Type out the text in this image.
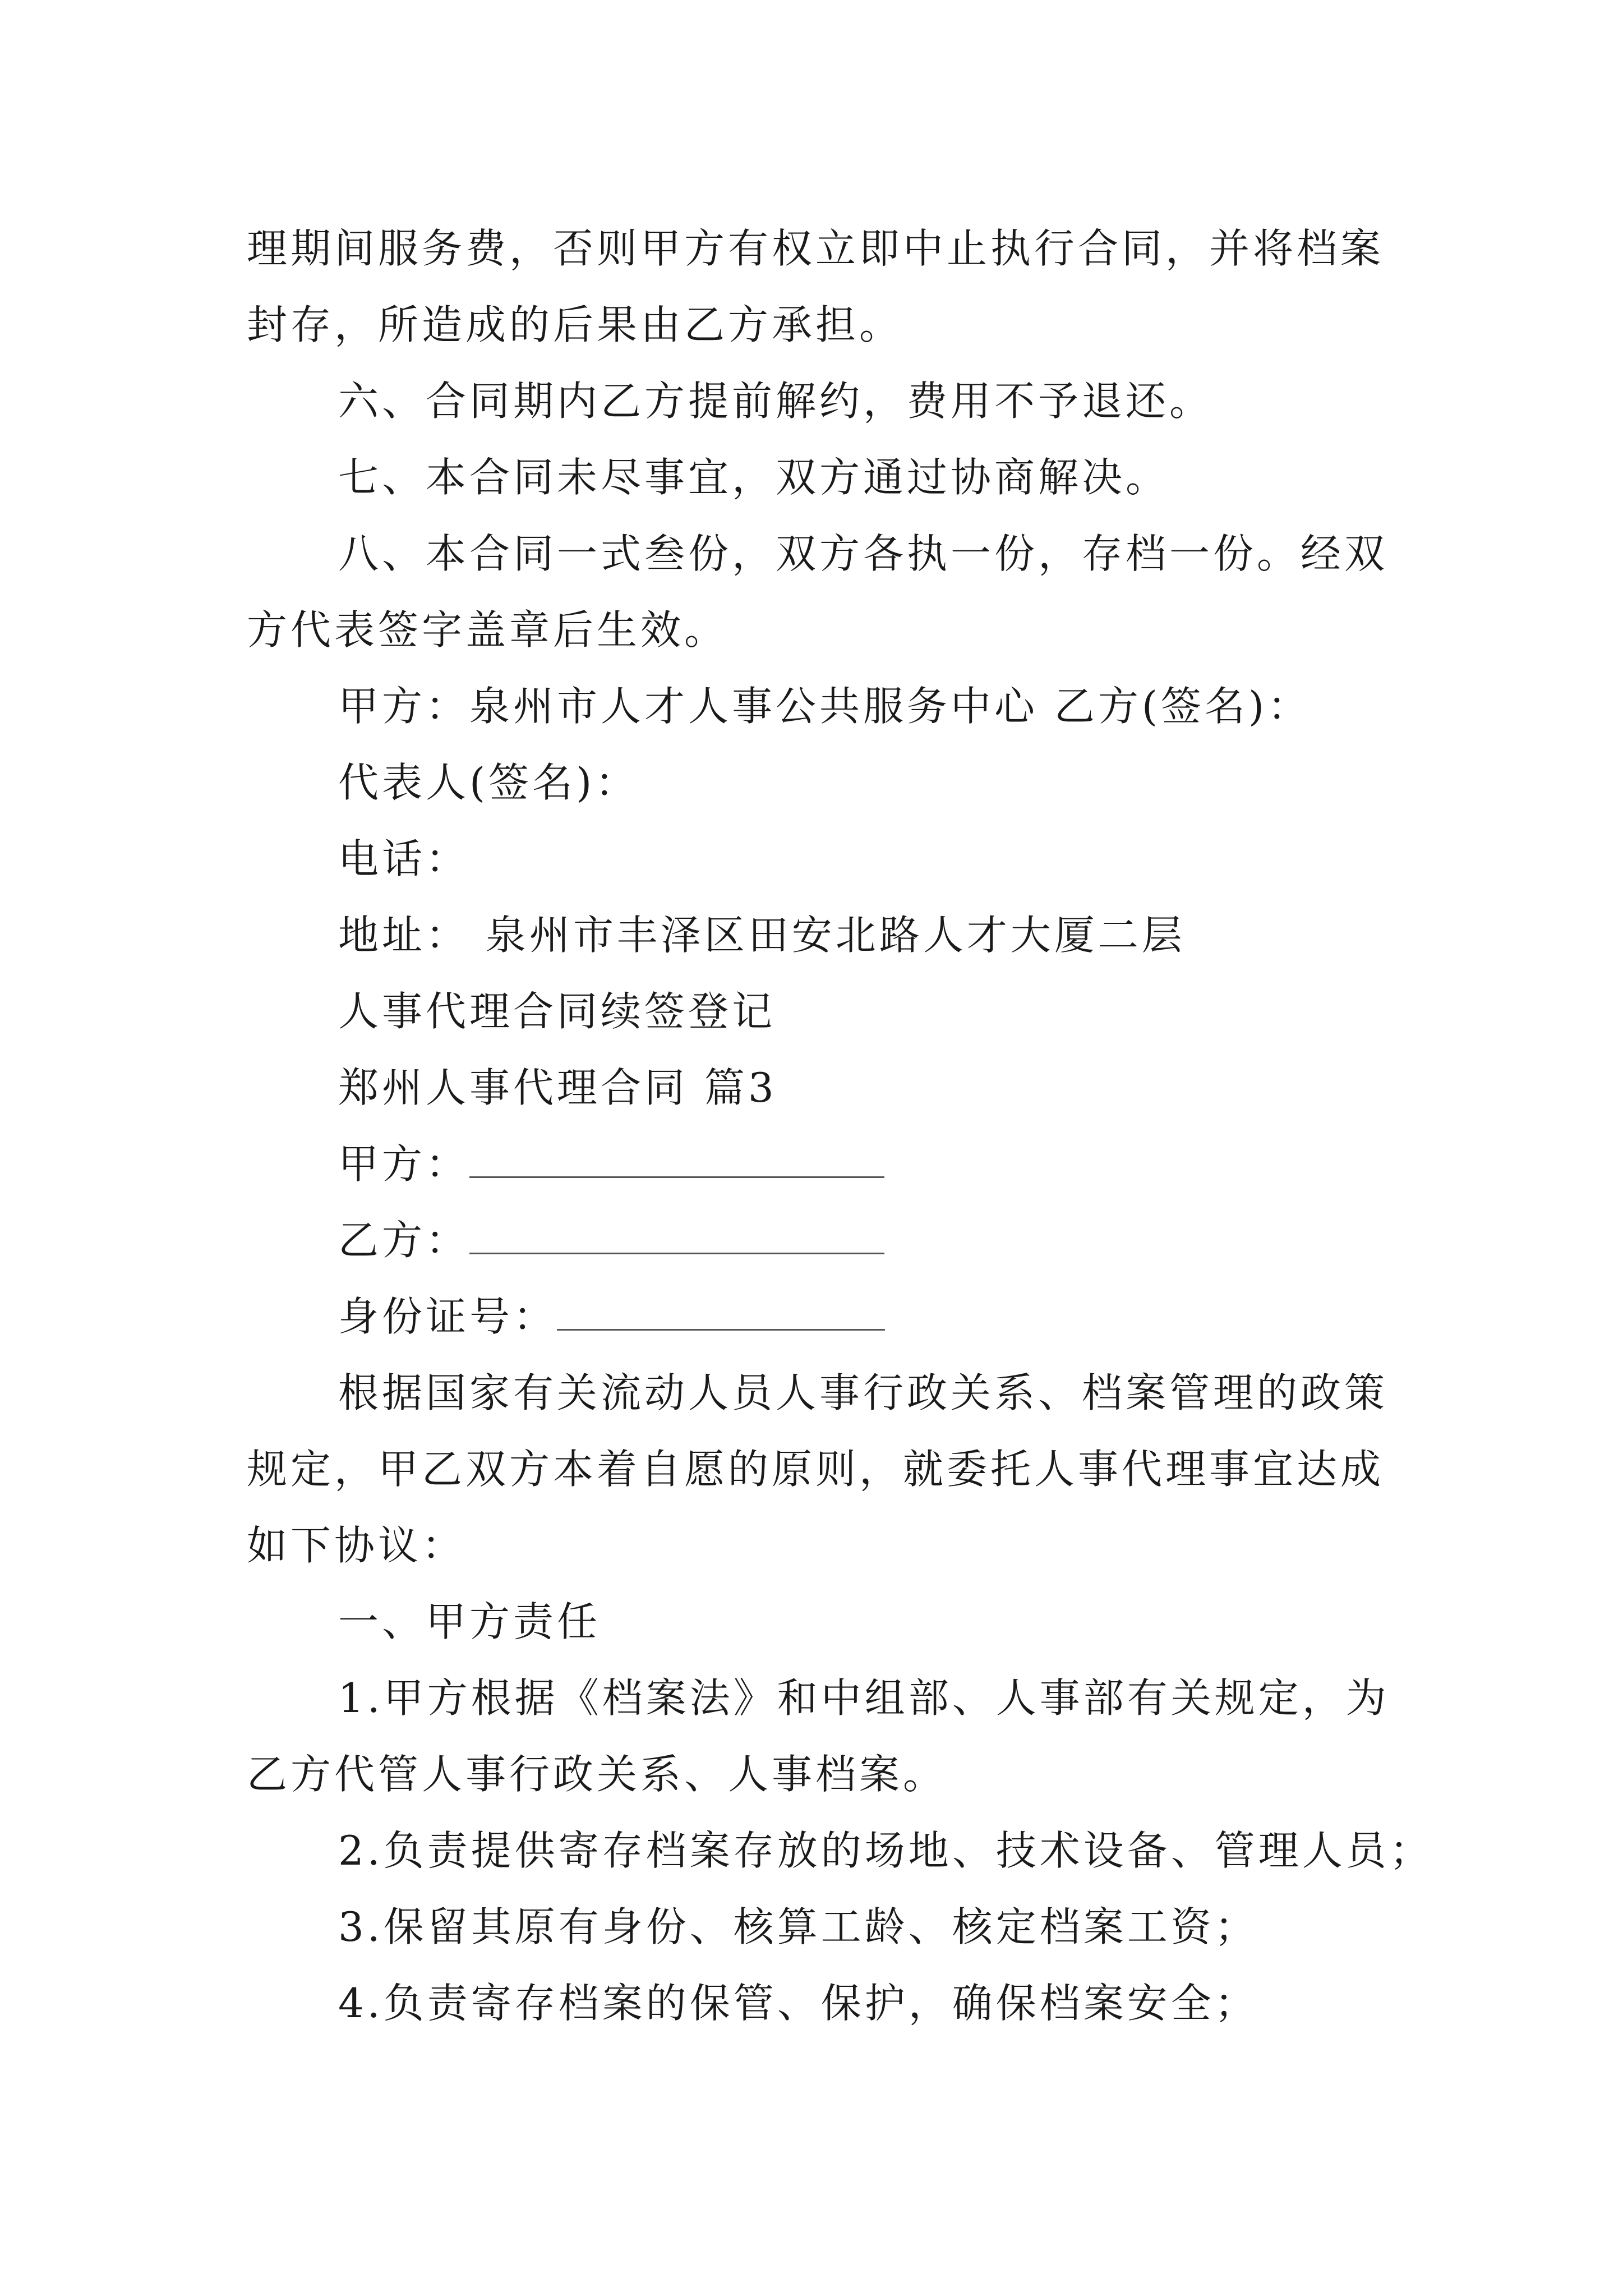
理期间服务费，否则甲方有权立即中止执行合同，并将档案
封存，所造成的后果由乙方承担。
六、合同期内乙方提前解约，费用不予退还。
七、本合同未尽事宜，双方通过协商解决。
八、本合同一式叁份，双方各执一份，存档一份。经双
方代表签字盖章后生效。
甲方：泉州市人才人事公共服务中心 乙方(签名)：
代表人(签名)：
电话：
地址： 泉州市丰泽区田安北路人才大厦二层
人事代理合同续签登记
郑州人事代理合同 篇3
甲方：
乙方：
身份证号：
根据国家有关流动人员人事行政关系、档案管理的政策
规定，甲乙双方本着自愿的原则，就委托人事代理事宜达成
如下协议：
一、甲方责任
1.甲方根据《档案法》和中组部、人事部有关规定，为
乙方代管人事行政关系、人事档案。
2.负责提供寄存档案存放的场地、技术设备、管理人员；
3.保留其原有身份、核算工龄、核定档案工资；
4.负责寄存档案的保管、保护，确保档案安全；
